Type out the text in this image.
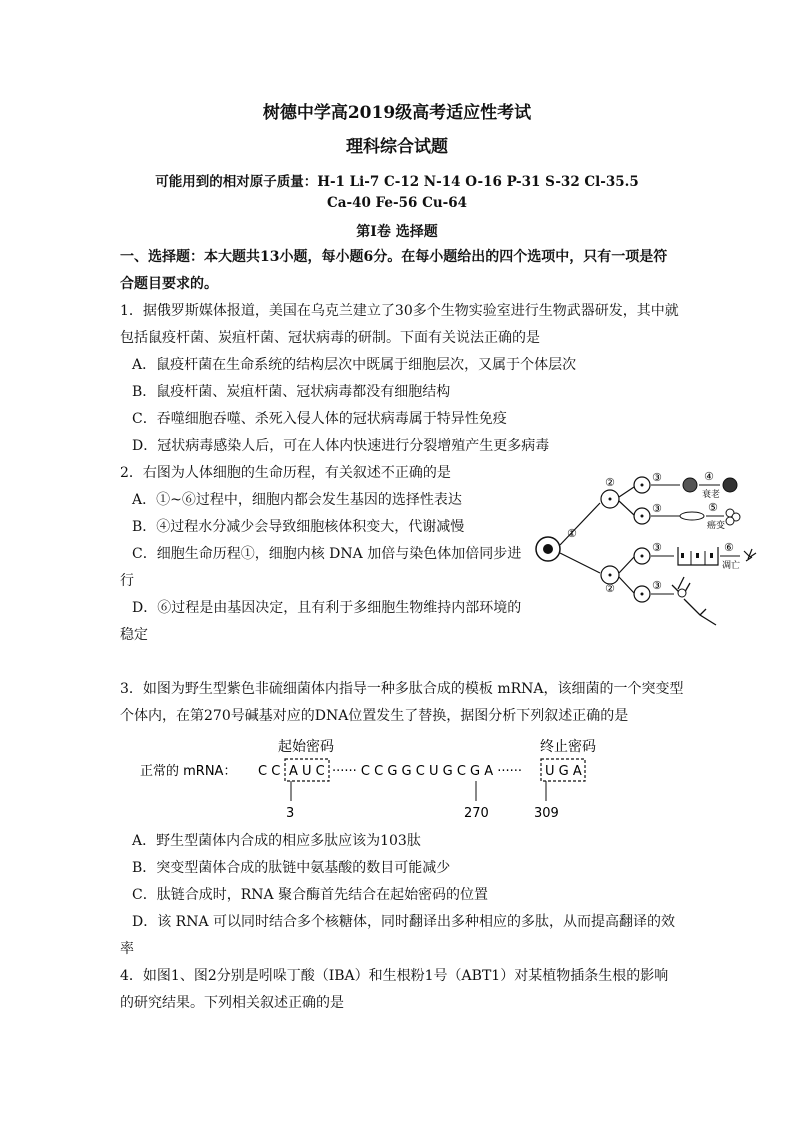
树德中学高2019级高考适应性考试
理科综合试题
可能用到的相对原子质量：H-1 Li-7 C-12 N-14 O-16 P-31 S-32 Cl-35.5
Ca-40 Fe-56 Cu-64
第Ⅰ卷 选择题
一、选择题：本大题共13小题，每小题6分。在每小题给出的四个选项中，只有一项是符
合题目要求的。
1．据俄罗斯媒体报道，美国在乌克兰建立了30多个生物实验室进行生物武器研发，其中就
包括鼠疫杆菌、炭疽杆菌、冠状病毒的研制。下面有关说法正确的是
A．鼠疫杆菌在生命系统的结构层次中既属于细胞层次，又属于个体层次
B．鼠疫杆菌、炭疽杆菌、冠状病毒都没有细胞结构
C．吞噬细胞吞噬、杀死入侵人体的冠状病毒属于特异性免疫
D．冠状病毒感染人后，可在人体内快速进行分裂增殖产生更多病毒
2．右图为人体细胞的生命历程，有关叙述不正确的是
A．①~⑥过程中，细胞内都会发生基因的选择性表达
B．④过程水分减少会导致细胞核体积变大，代谢减慢
C．细胞生命历程①，细胞内核 DNA 加倍与染色体加倍同步进
行
D．⑥过程是由基因决定，且有利于多细胞生物维持内部环境的
稳定
①
②	③	④
衰老
③	⑤
癌变
②
③	⑥
凋亡
③
3．如图为野生型紫色非硫细菌体内指导一种多肽合成的模板 mRNA，该细菌的一个突变型
个体内，在第270号碱基对应的DNA位置发生了替换，据图分析下列叙述正确的是
起始密码	终止密码
正常的 mRNA： C C A U C ······ C C G G C U G C G A ······ U G A
3	270	309
A．野生型菌体内合成的相应多肽应该为103肽
B．突变型菌体合成的肽链中氨基酸的数目可能减少
C．肽链合成时，RNA 聚合酶首先结合在起始密码的位置
D．该 RNA 可以同时结合多个核糖体，同时翻译出多种相应的多肽，从而提高翻译的效
率
4．如图1、图2分别是吲哚丁酸（IBA）和生根粉1号（ABT1）对某植物插条生根的影响
的研究结果。下列相关叙述正确的是
